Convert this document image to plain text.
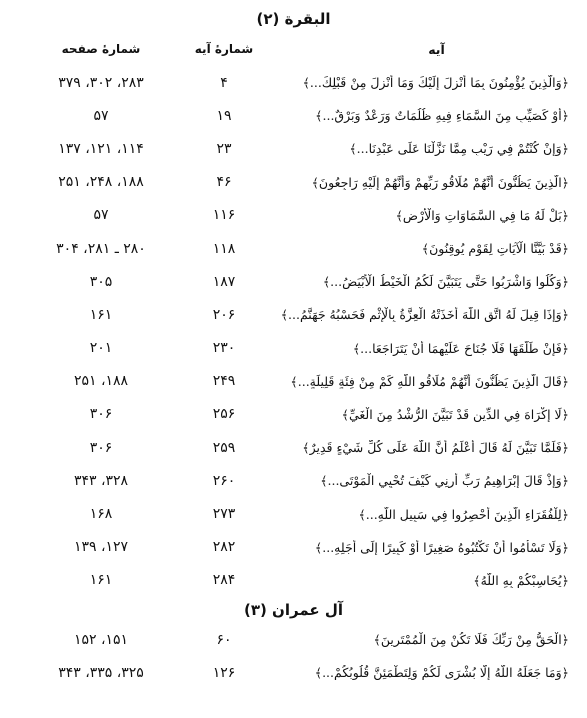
البقرة (٢)
آيه
شمارهٔ آيه
شمارهٔ صفحه
﴿وَالَّذِينَ يُؤْمِنُونَ بِمَا أُنْزِلَ إِلَيْكَ وَمَا أُنْزِلَ مِنْ قَبْلِكَ...﴾
۴
۲۸۳، ۳۰۲، ۳۷۹
﴿أَوْ كَصَيِّبٍ مِنَ السَّمَاءِ فِيهِ ظُلُمَاتٌ وَرَعْدٌ وَبَرْقٌ...﴾
۱۹
۵۷
﴿وَإِنْ كُنْتُمْ فِي رَيْبٍ مِمَّا نَزَّلْنَا عَلَى عَبْدِنَا...﴾
۲۳
۱۱۴، ۱۲۱، ۱۳۷
﴿الَّذِينَ يَظُنُّونَ أَنَّهُمْ مُلَاقُو رَبِّهِمْ وَأَنَّهُمْ إِلَيْهِ رَاجِعُونَ﴾
۴۶
۱۸۸، ۲۴۸، ۲۵۱
﴿بَلْ لَهُ مَا فِي السَّمَاوَاتِ وَالْأَرْضِ﴾
۱۱۶
۵۷
﴿قَدْ بَيَّنَّا الْآيَاتِ لِقَوْمٍ يُوقِنُونَ﴾
۱۱۸
۲۸۰ ـ ۲۸۱، ۳۰۴
﴿وَكُلُوا وَاشْرَبُوا حَتَّى يَتَبَيَّنَ لَكُمُ الْخَيْطُ الْأَبْيَضُ...﴾
۱۸۷
۳۰۵
﴿وَإِذَا قِيلَ لَهُ اتَّقِ اللَّهَ أَخَذَتْهُ الْعِزَّةُ بِالْإِثْمِ فَحَسْبُهُ جَهَنَّمُ...﴾
۲۰۶
۱۶۱
﴿فَإِنْ طَلَّقَهَا فَلَا جُنَاحَ عَلَيْهِمَا أَنْ يَتَرَاجَعَا...﴾
۲۳۰
۲۰۱
﴿قَالَ الَّذِينَ يَظُنُّونَ أَنَّهُمْ مُلَاقُو اللَّهِ كَمْ مِنْ فِئَةٍ قَلِيلَةٍ...﴾
۲۴۹
۱۸۸، ۲۵۱
﴿لَا إِكْرَاهَ فِي الدِّينِ قَدْ تَبَيَّنَ الرُّشْدُ مِنَ الْغَيِّ﴾
۲۵۶
۳۰۶
﴿فَلَمَّا تَبَيَّنَ لَهُ قَالَ أَعْلَمُ أَنَّ اللَّهَ عَلَى كُلِّ شَيْءٍ قَدِيرٌ﴾
۲۵۹
۳۰۶
﴿وَإِذْ قَالَ إِبْرَاهِيمُ رَبِّ أَرِنِي كَيْفَ تُحْيِي الْمَوْتَى...﴾
۲۶۰
۳۲۸، ۳۴۳
﴿لِلْفُقَرَاءِ الَّذِينَ أُحْصِرُوا فِي سَبِيلِ اللَّهِ...﴾
۲۷۳
۱۶۸
﴿وَلَا تَسْأَمُوا أَنْ تَكْتُبُوهُ صَغِيرًا أَوْ كَبِيرًا إِلَى أَجَلِهِ...﴾
۲۸۲
۱۲۷، ۱۳۹
﴿يُحَاسِبْكُمْ بِهِ اللَّهُ﴾
۲۸۴
۱۶۱
آل عمران (٣)
﴿الْحَقُّ مِنْ رَبِّكَ فَلَا تَكُنْ مِنَ الْمُمْتَرِينَ﴾
۶۰
۱۵۱، ۱۵۲
﴿وَمَا جَعَلَهُ اللَّهُ إِلَّا بُشْرَى لَكُمْ وَلِتَطْمَئِنَّ قُلُوبُكُمْ...﴾
۱۲۶
۳۲۵، ۳۳۵، ۳۴۳
